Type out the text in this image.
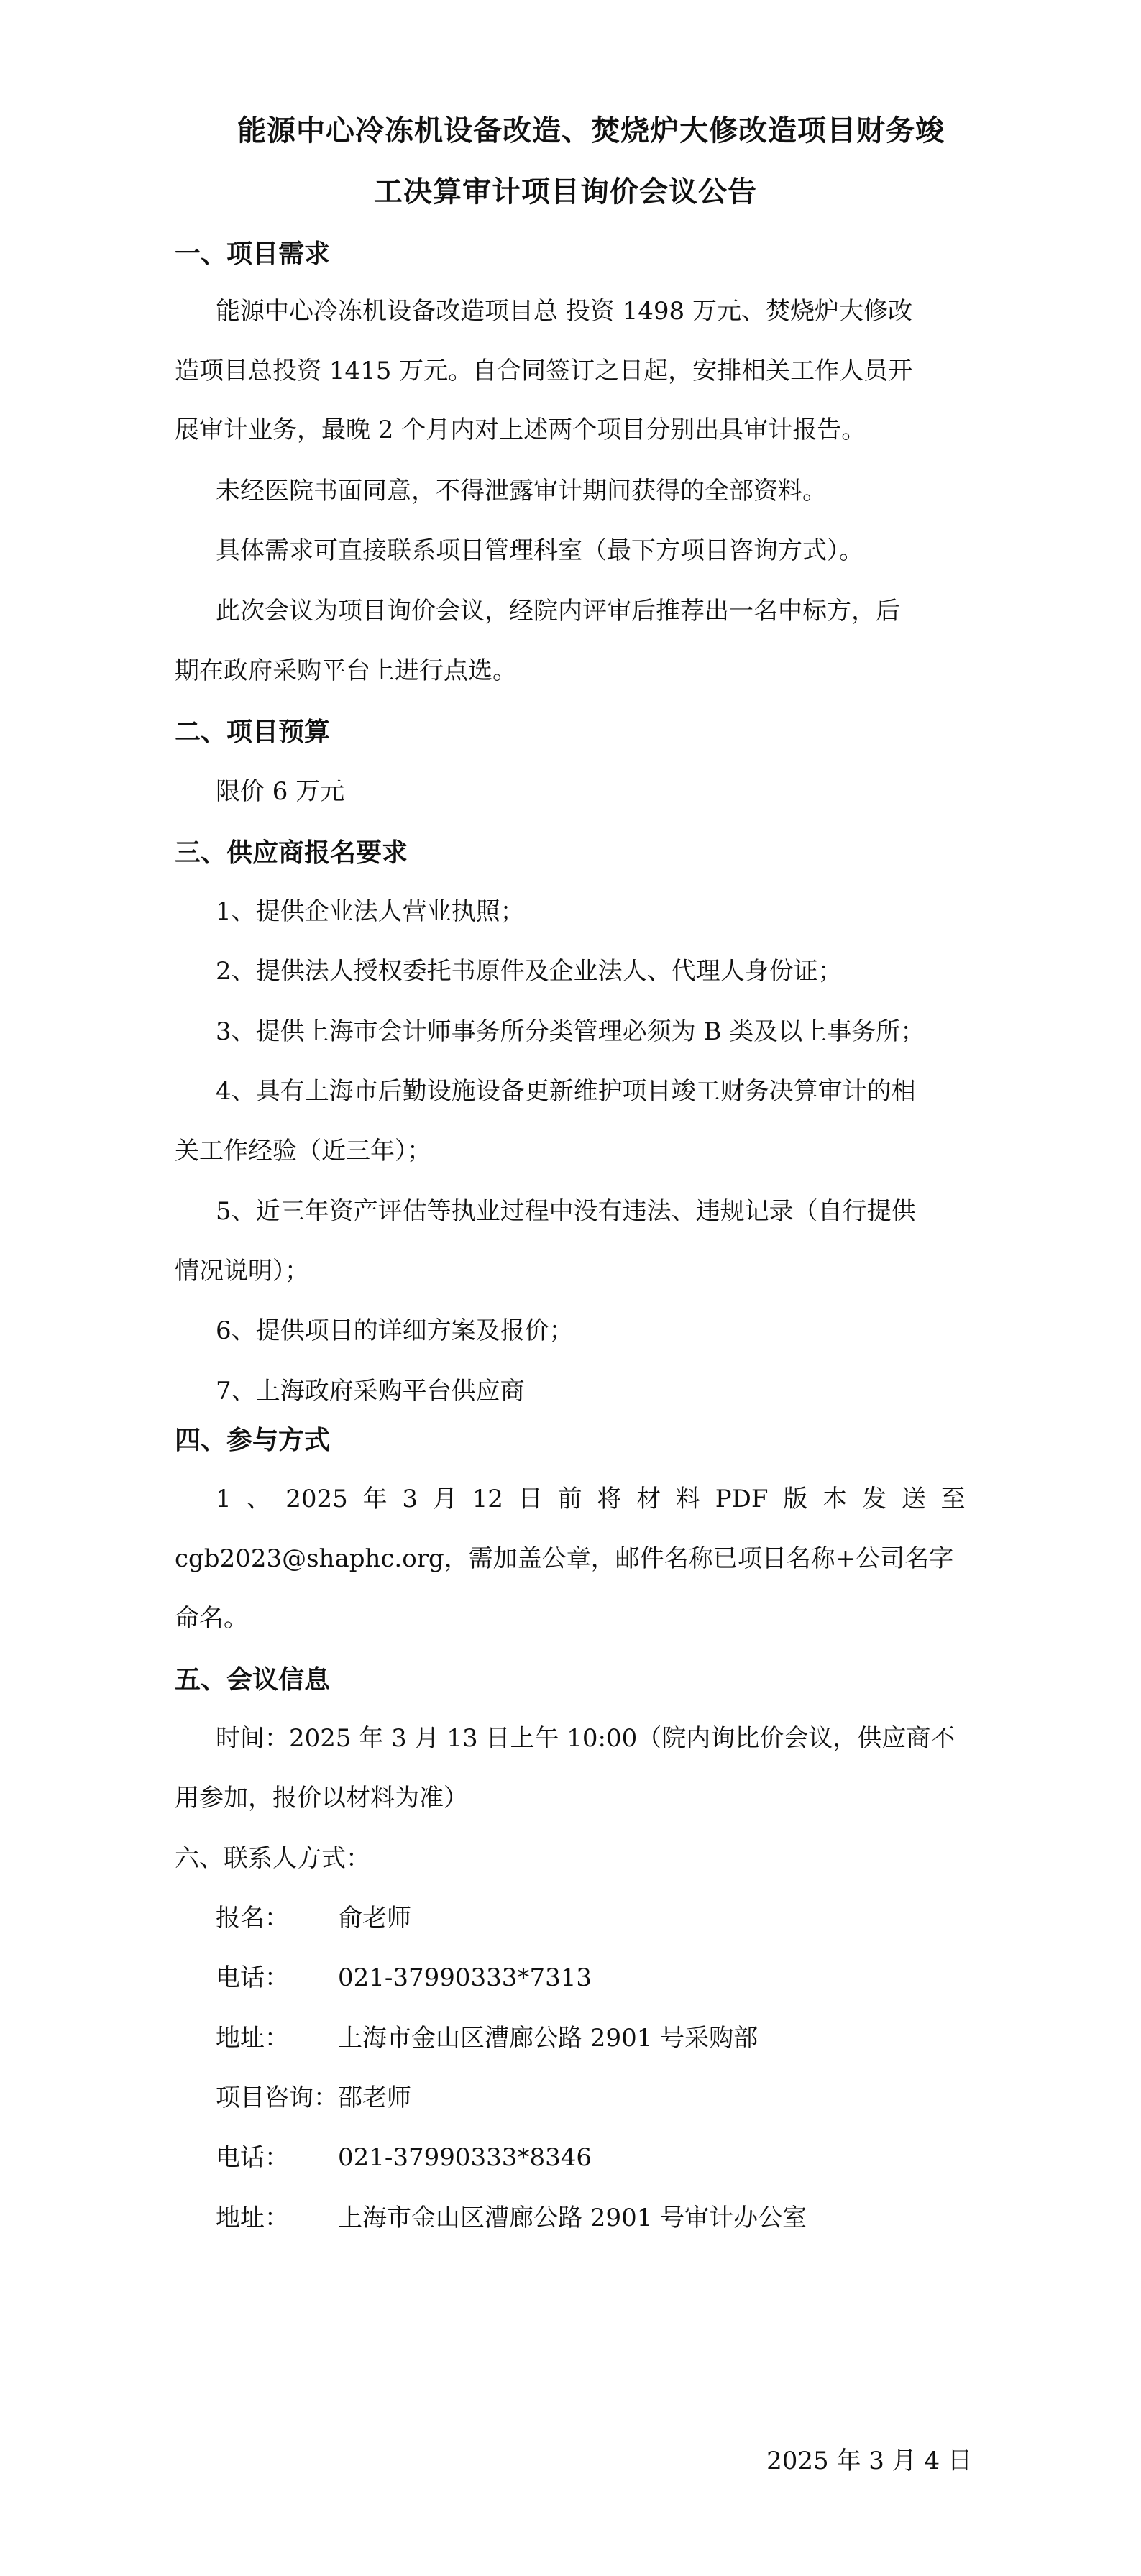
能源中心冷冻机设备改造、焚烧炉大修改造项目财务竣
工决算审计项目询价会议公告
一、项目需求
能源中心冷冻机设备改造项目总 投资 1498 万元、焚烧炉大修改
造项目总投资 1415 万元。自合同签订之日起，安排相关工作人员开
展审计业务，最晚 2 个月内对上述两个项目分别出具审计报告。
未经医院书面同意，不得泄露审计期间获得的全部资料。
具体需求可直接联系项目管理科室（最下方项目咨询方式）。
此次会议为项目询价会议，经院内评审后推荐出一名中标方，后
期在政府采购平台上进行点选。
二、项目预算
限价 6 万元
三、供应商报名要求
1、提供企业法人营业执照；
2、提供法人授权委托书原件及企业法人、代理人身份证；
3、提供上海市会计师事务所分类管理必须为 B 类及以上事务所；
4、具有上海市后勤设施设备更新维护项目竣工财务决算审计的相
关工作经验（近三年）；
5、近三年资产评估等执业过程中没有违法、违规记录（自行提供
情况说明）；
6、提供项目的详细方案及报价；
7、上海政府采购平台供应商
四、参与方式
1 、 2025 年 3 月 12 日 前 将 材 料 PDF 版 本 发 送 至
cgb2023@shaphc.org，需加盖公章，邮件名称已项目名称+公司名字
命名。
五、会议信息
时间：2025 年 3 月 13 日上午 10:00（院内询比价会议，供应商不
用参加，报价以材料为准）
六、联系人方式：
报名： 俞老师
电话： 021-37990333*7313
地址： 上海市金山区漕廊公路 2901 号采购部
项目咨询：邵老师
电话： 021-37990333*8346
地址： 上海市金山区漕廊公路 2901 号审计办公室
2025 年 3 月 4 日
